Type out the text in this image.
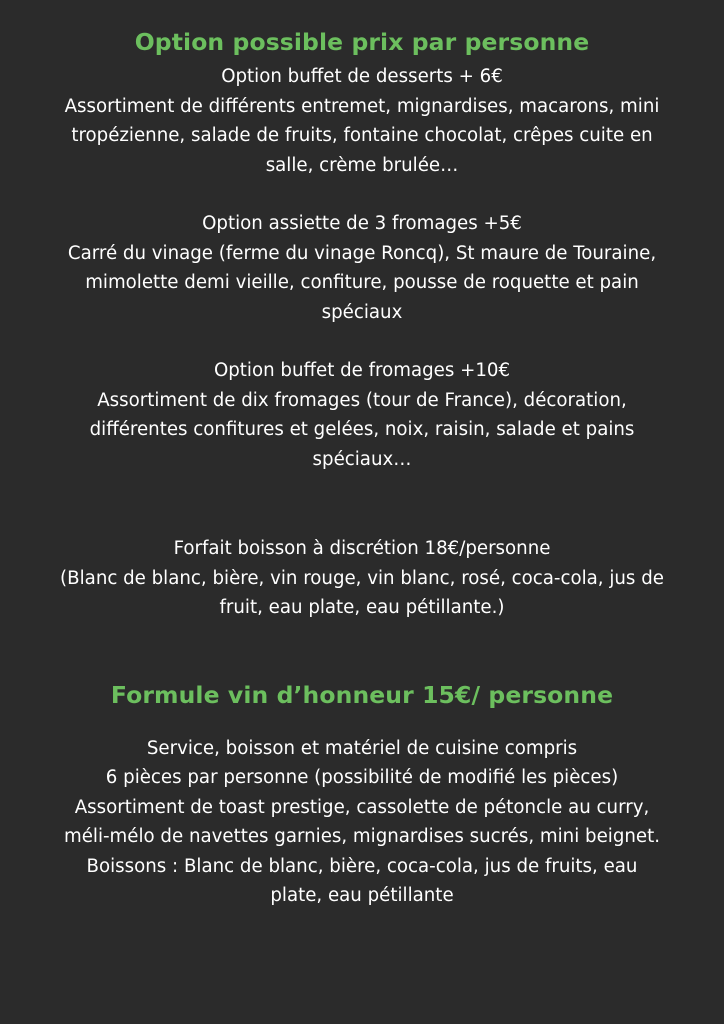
Option possible prix par personne

Option buffet de desserts + 6€

Assortiment de différents entremet, mignardises, macarons, mini

tropézienne, salade de fruits, fontaine chocolat, crêpes cuite en

salle, crème brulée…

Option assiette de 3 fromages +5€

Carré du vinage (ferme du vinage Roncq), St maure de Touraine,

mimolette demi vieille, confiture, pousse de roquette et pain

spéciaux

Option buffet de fromages +10€

Assortiment de dix fromages (tour de France), décoration,

différentes confitures et gelées, noix, raisin, salade et pains

spéciaux…

Forfait boisson à discrétion 18€/personne

(Blanc de blanc, bière, vin rouge, vin blanc, rosé, coca-cola, jus de

fruit, eau plate, eau pétillante.)

Formule vin d’honneur 15€/ personne

Service, boisson et matériel de cuisine compris

6 pièces par personne (possibilité de modifié les pièces)

Assortiment de toast prestige, cassolette de pétoncle au curry,

méli-mélo de navettes garnies, mignardises sucrés, mini beignet.

Boissons : Blanc de blanc, bière, coca-cola, jus de fruits, eau

plate, eau pétillante
